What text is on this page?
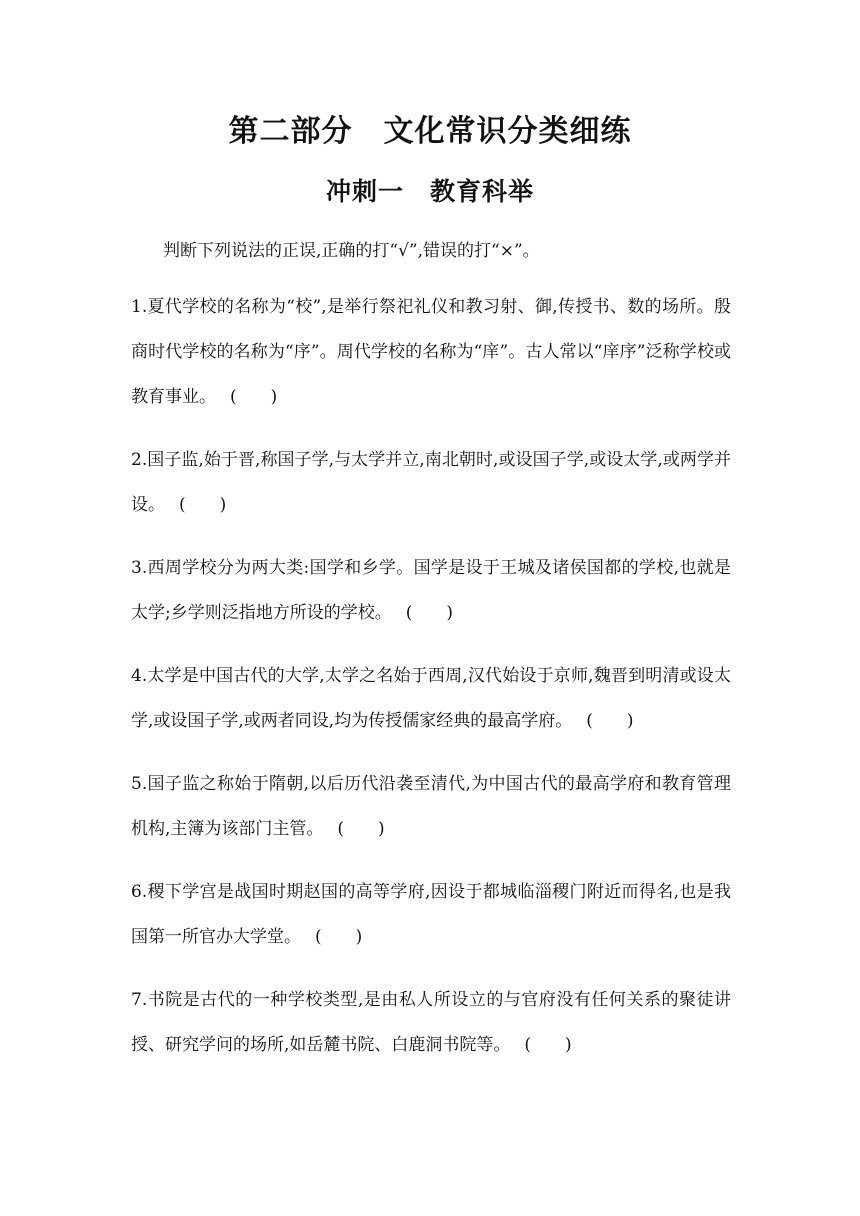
第二部分　文化常识分类细练
冲刺一　教育科举
判断下列说法的正误,正确的打“√”,错误的打“×”。

1.夏代学校的名称为“校”,是举行祭祀礼仪和教习射、御,传授书、数的场所。殷商时代学校的名称为“序”。周代学校的名称为“庠”。古人常以“庠序”泛称学校或教育事业。 (　　)

2.国子监,始于晋,称国子学,与太学并立,南北朝时,或设国子学,或设太学,或两学并设。 (　　)

3.西周学校分为两大类:国学和乡学。国学是设于王城及诸侯国都的学校,也就是太学;乡学则泛指地方所设的学校。 (　　)

4.太学是中国古代的大学,太学之名始于西周,汉代始设于京师,魏晋到明清或设太学,或设国子学,或两者同设,均为传授儒家经典的最高学府。 (　　)

5.国子监之称始于隋朝,以后历代沿袭至清代,为中国古代的最高学府和教育管理机构,主簿为该部门主管。 (　　)

6.稷下学宫是战国时期赵国的高等学府,因设于都城临淄稷门附近而得名,也是我国第一所官办大学堂。 (　　)

7.书院是古代的一种学校类型,是由私人所设立的与官府没有任何关系的聚徒讲授、研究学问的场所,如岳麓书院、白鹿洞书院等。 (　　)
